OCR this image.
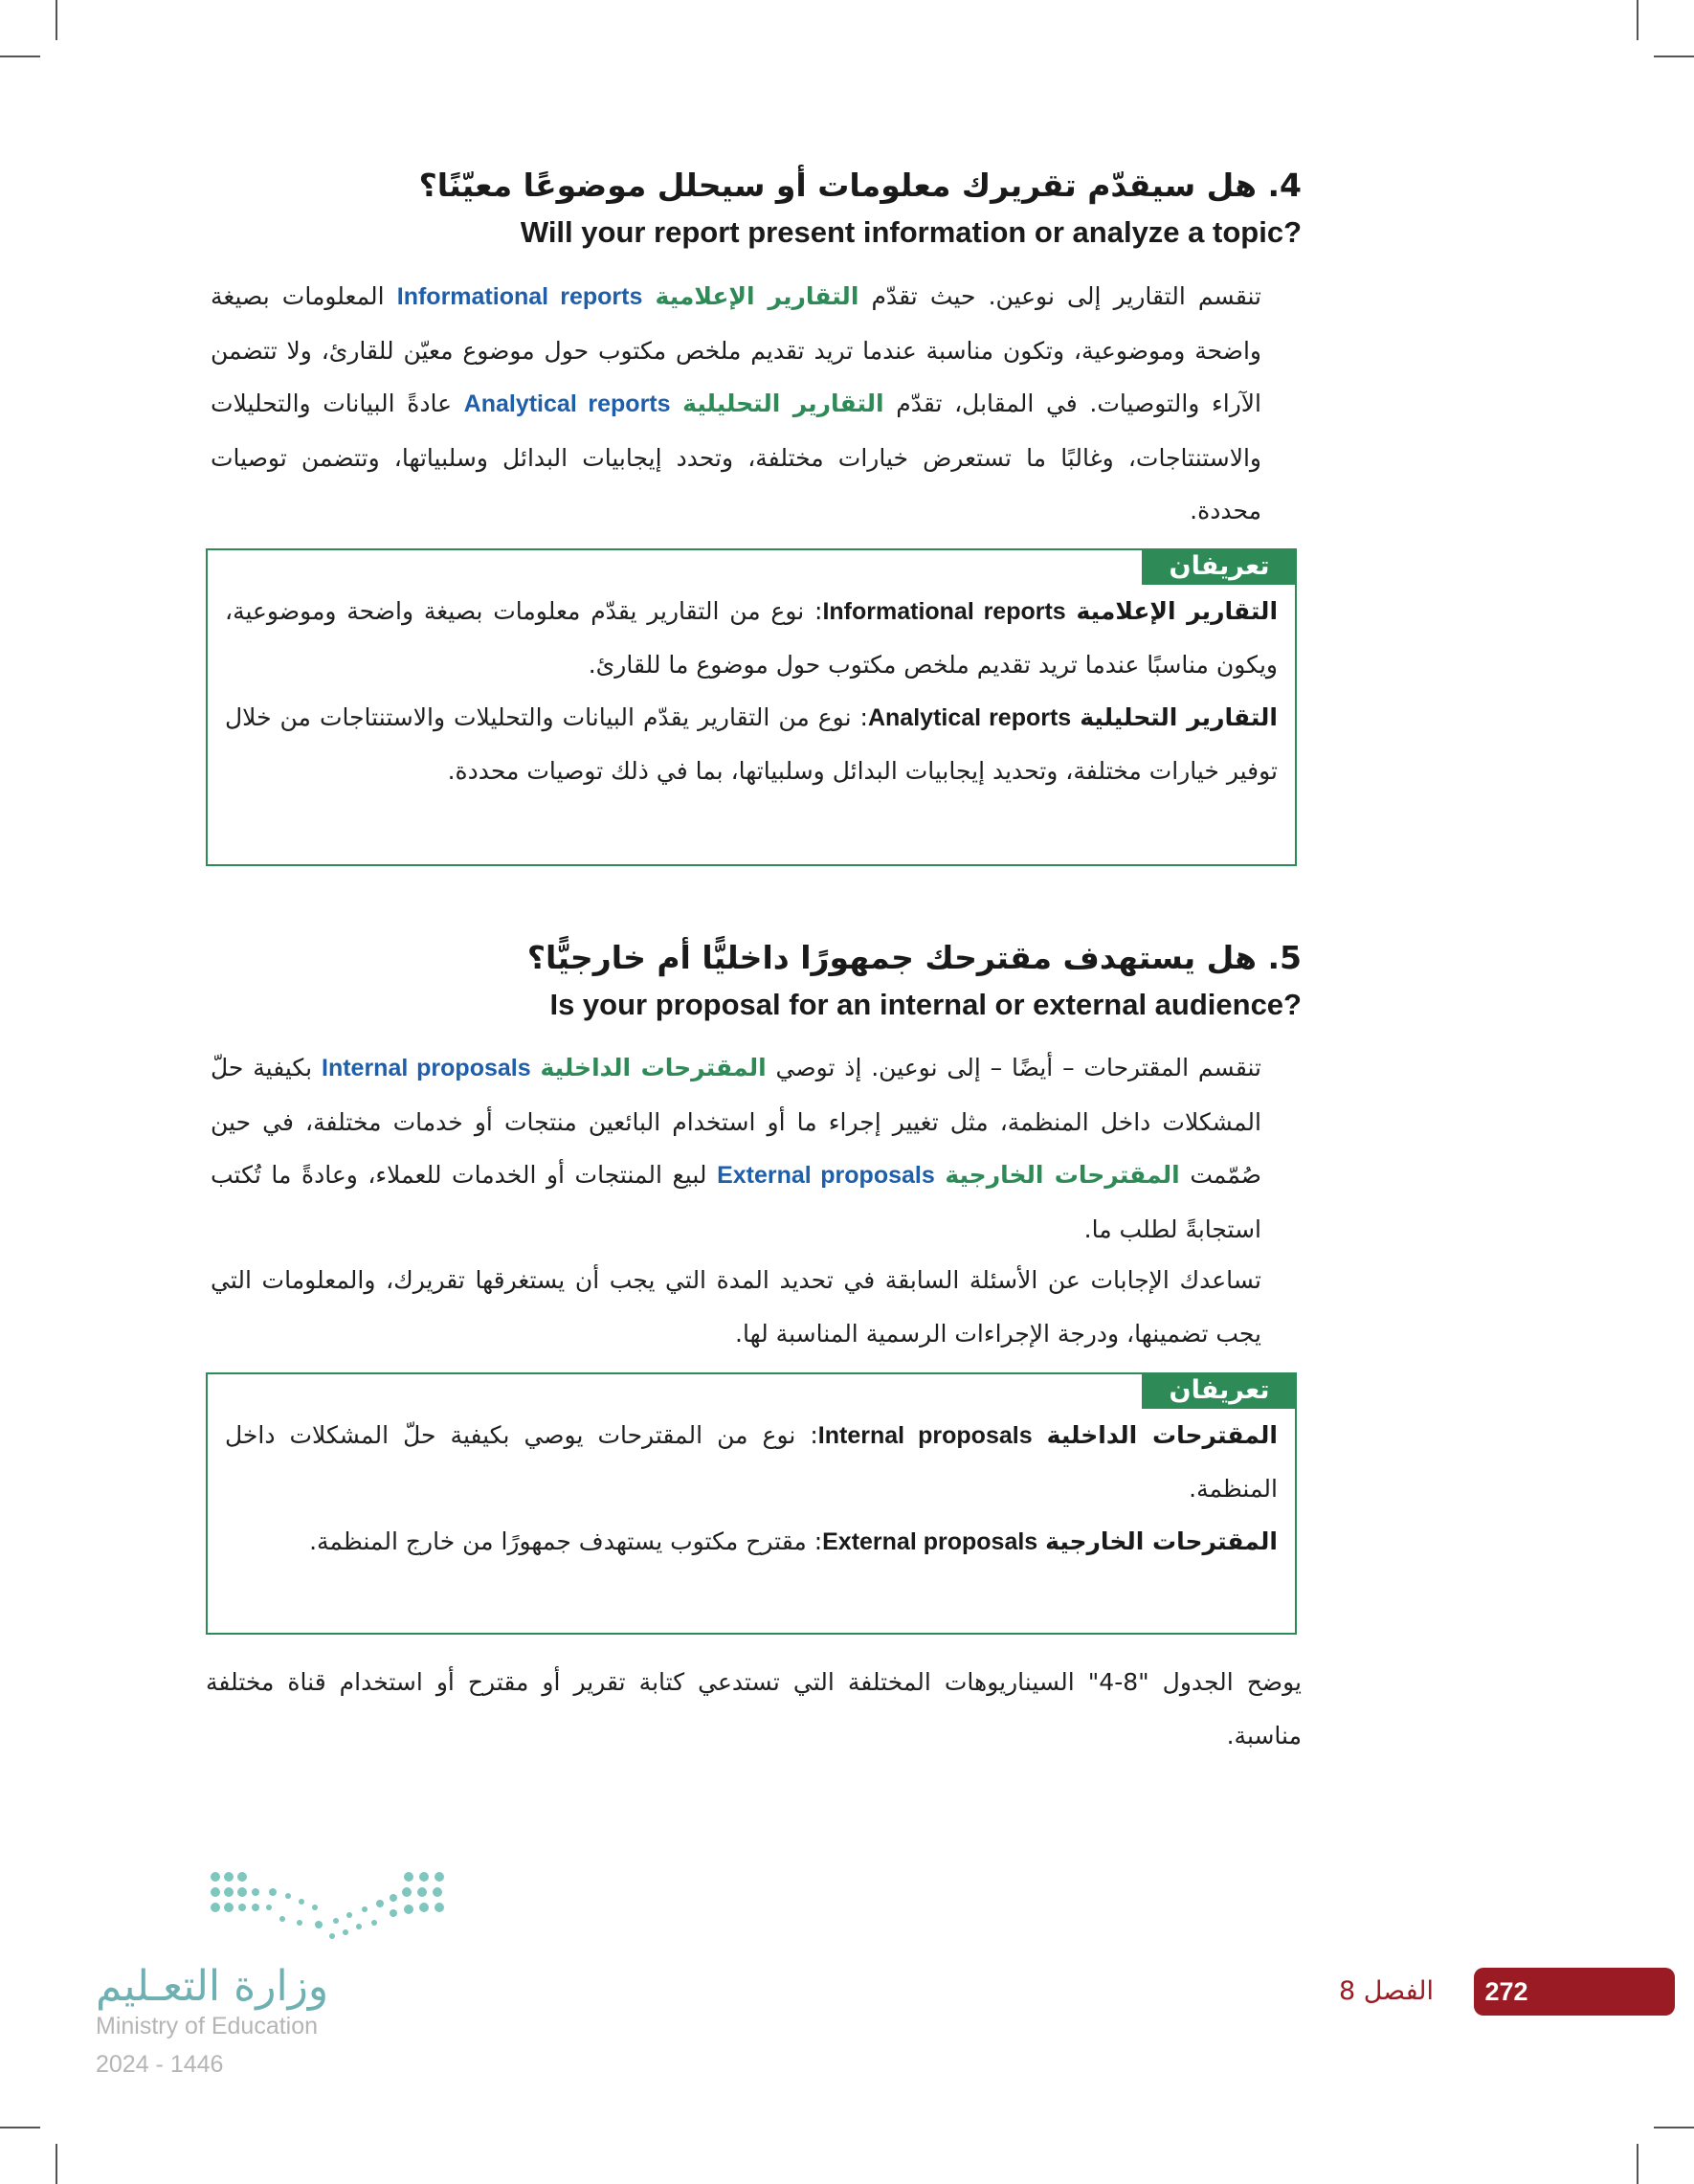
4. هل سيقدّم تقريرك معلومات أو سيحلل موضوعًا معيّنًا؟
Will your report present information or analyze a topic?
تنقسم التقارير إلى نوعين. حيث تقدّم التقارير الإعلامية Informational reports المعلومات بصيغة واضحة وموضوعية، وتكون مناسبة عندما تريد تقديم ملخص مكتوب حول موضوع معيّن للقارئ، ولا تتضمن الآراء والتوصيات. في المقابل، تقدّم التقارير التحليلية Analytical reports عادةً البيانات والتحليلات والاستنتاجات، وغالبًا ما تستعرض خيارات مختلفة، وتحدد إيجابيات البدائل وسلبياتها، وتتضمن توصيات محددة.
تعريفان
التقارير الإعلامية Informational reports: نوع من التقارير يقدّم معلومات بصيغة واضحة وموضوعية، ويكون مناسبًا عندما تريد تقديم ملخص مكتوب حول موضوع ما للقارئ.
التقارير التحليلية Analytical reports: نوع من التقارير يقدّم البيانات والتحليلات والاستنتاجات من خلال توفير خيارات مختلفة، وتحديد إيجابيات البدائل وسلبياتها، بما في ذلك توصيات محددة.
5. هل يستهدف مقترحك جمهورًا داخليًّا أم خارجيًّا؟
Is your proposal for an internal or external audience?
تنقسم المقترحات – أيضًا – إلى نوعين. إذ توصي المقترحات الداخلية Internal proposals بكيفية حلّ المشكلات داخل المنظمة، مثل تغيير إجراء ما أو استخدام البائعين منتجات أو خدمات مختلفة، في حين صُمّمت المقترحات الخارجية External proposals لبيع المنتجات أو الخدمات للعملاء، وعادةً ما تُكتب استجابةً لطلب ما.
تساعدك الإجابات عن الأسئلة السابقة في تحديد المدة التي يجب أن يستغرقها تقريرك، والمعلومات التي يجب تضمينها، ودرجة الإجراءات الرسمية المناسبة لها.
تعريفان
المقترحات الداخلية Internal proposals: نوع من المقترحات يوصي بكيفية حلّ المشكلات داخل المنظمة.
المقترحات الخارجية External proposals: مقترح مكتوب يستهدف جمهورًا من خارج المنظمة.
يوضح الجدول "8-4" السيناريوهات المختلفة التي تستدعي كتابة تقرير أو مقترح أو استخدام قناة مختلفة مناسبة.
وزارة التعـليم
Ministry of Education
2024 - 1446
272
الفصل 8
